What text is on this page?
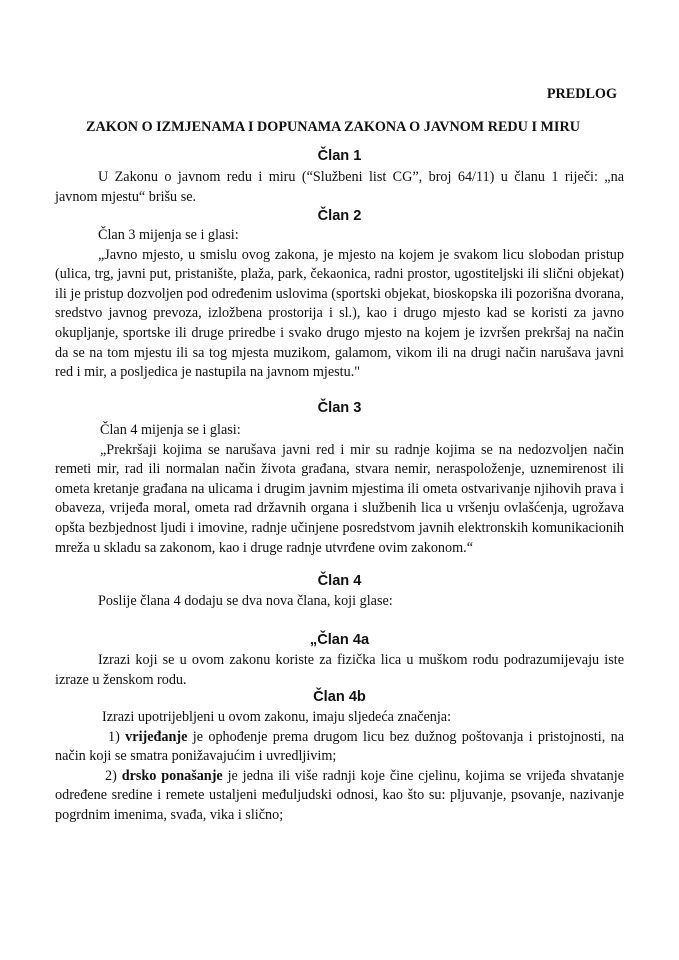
PREDLOG
ZAKON O IZMJENAMA I DOPUNAMA ZAKONA O JAVNOM REDU I MIRU
Član 1

U Zakonu o javnom redu i miru (“Službeni list CG”, broj 64/11) u članu 1 riječi: „na javnom mjestu“ brišu se.

Član 2

Član 3 mijenja se i glasi:

„Javno mjesto, u smislu ovog zakona, je mjesto na kojem je svakom licu slobodan pristup (ulica, trg, javni put, pristanište, plaža, park, čekaonica, radni prostor, ugostiteljski ili slični objekat) ili je pristup dozvoljen pod određenim uslovima (sportski objekat, bioskopska ili pozorišna dvorana, sredstvo javnog prevoza, izložbena prostorija i sl.), kao i drugo mjesto kad se koristi za javno okupljanje, sportske ili druge priredbe i svako drugo mjesto na kojem je izvršen prekršaj na način da se na tom mjestu ili sa tog mjesta muzikom, galamom, vikom ili na drugi način narušava javni red i mir, a posljedica je nastupila na javnom mjestu."

Član 3

Član 4 mijenja se i glasi:

„Prekršaji kojima se narušava javni red i mir su radnje kojima se na nedozvoljen način remeti mir, rad ili normalan način života građana, stvara nemir, neraspoloženje, uznemirenost ili ometa kretanje građana na ulicama i drugim javnim mjestima ili ometa ostvarivanje njihovih prava i obaveza, vrijeđa moral, ometa rad državnih organa i službenih lica u vršenju ovlašćenja, ugrožava opšta bezbjednost ljudi i imovine, radnje učinjene posredstvom javnih elektronskih komunikacionih mreža u skladu sa zakonom, kao i druge radnje utvrđene ovim zakonom.“

Član 4

Poslije člana 4 dodaju se dva nova člana, koji glase:

„Član 4a

Izrazi koji se u ovom zakonu koriste za fizička lica u muškom rodu podrazumijevaju iste izraze u ženskom rodu.

Član 4b

Izrazi upotrijebljeni u ovom zakonu, imaju sljedeća značenja:

1) vrijeđanje je ophođenje prema drugom licu bez dužnog poštovanja i pristojnosti, na način koji se smatra ponižavajućim i uvredljivim;

2) drsko ponašanje je jedna ili više radnji koje čine cjelinu, kojima se vrijeđa shvatanje određene sredine i remete ustaljeni međuljudski odnosi, kao što su: pljuvanje, psovanje, nazivanje pogrdnim imenima, svađa, vika i slično;
